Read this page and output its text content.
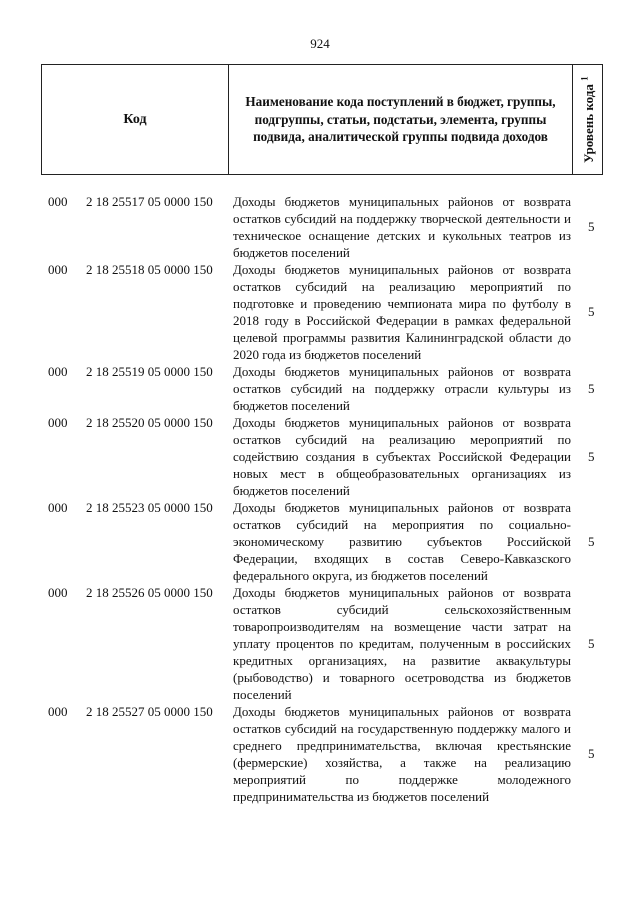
924
Код
Наименование кода поступлений в бюджет, группы, подгруппы, статьи, подстатьи, элемента, группы подвида, аналитической группы подвида доходов	Уровень кода $^1$
000 2 18 25517 05 0000 150 Доходы бюджетов муниципальных районов от возврата остатков субсидий на поддержку творческой деятельности и техническое оснащение детских и кукольных театров из бюджетов поселений
5
000 2 18 25518 05 0000 150 Доходы бюджетов муниципальных районов от возврата остатков субсидий на реализацию мероприятий по подготовке и проведению чемпионата мира по футболу в 2018 году в Российской Федерации в рамках федеральной целевой программы развития Калининградской области до 2020 года из бюджетов поселений
5
000 2 18 25519 05 0000 150 Доходы бюджетов муниципальных районов от возврата остатков субсидий на поддержку отрасли культуры из бюджетов поселений
5
000 2 18 25520 05 0000 150 Доходы бюджетов муниципальных районов от возврата остатков субсидий на реализацию мероприятий по содействию создания в субъектах Российской Федерации новых мест в общеобразовательных организациях из бюджетов поселений
5
000 2 18 25523 05 0000 150 Доходы бюджетов муниципальных районов от возврата остатков субсидий на мероприятия по социально-экономическому развитию субъектов Российской Федерации, входящих в состав Северо-Кавказского федерального округа, из бюджетов поселений
5
000 2 18 25526 05 0000 150 Доходы бюджетов муниципальных районов от возврата остатков субсидий сельскохозяйственным товаропроизводителям на возмещение части затрат на уплату процентов по кредитам, полученным в российских кредитных организациях, на развитие аквакультуры (рыбоводство) и товарного осетроводства из бюджетов поселений
5
000 2 18 25527 05 0000 150 Доходы бюджетов муниципальных районов от возврата остатков субсидий на государственную поддержку малого и среднего предпринимательства, включая крестьянские (фермерские) хозяйства, а также на реализацию мероприятий по поддержке молодежного предпринимательства из бюджетов поселений
5
